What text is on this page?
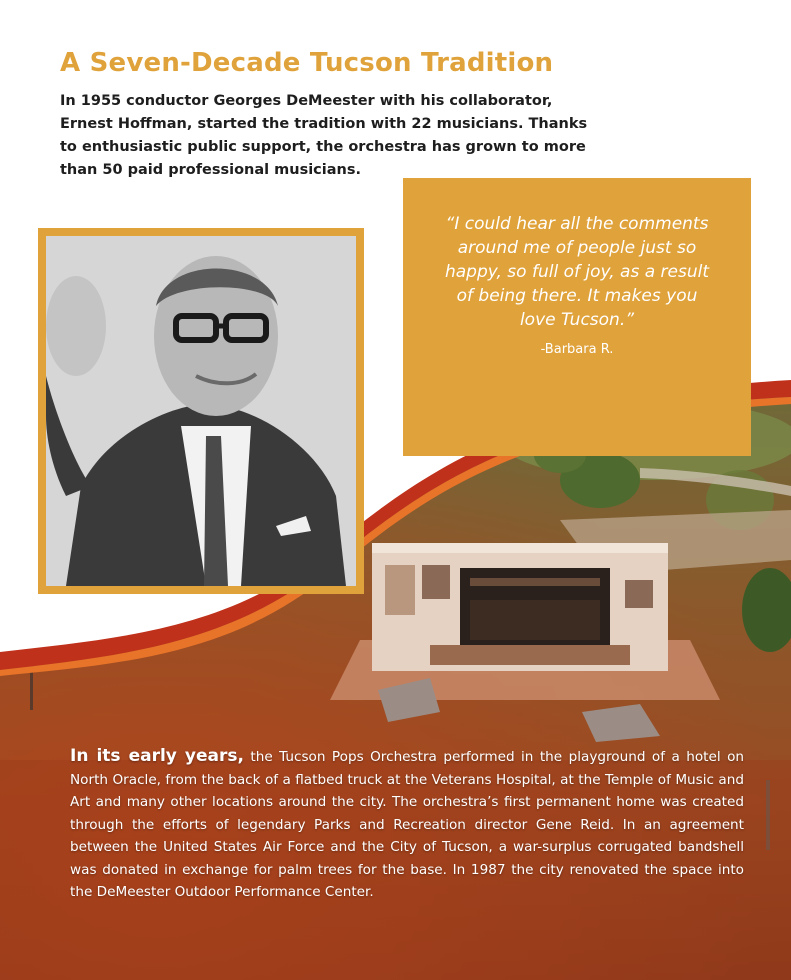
A Seven-Decade Tucson Tradition

In 1955 conductor Georges DeMeester with his collaborator, Ernest Hoffman, started the tradition with 22 musicians. Thanks to enthusiastic public support, the orchestra has grown to more than 50 paid professional musicians.

“I could hear all the comments around me of people just so happy, so full of joy, as a result of being there. It makes you love Tucson.”

-Barbara R.

In its early years, the Tucson Pops Orchestra performed in the playground of a hotel on North Oracle, from the back of a flatbed truck at the Veterans Hospital, at the Temple of Music and Art and many other locations around the city. The orchestra’s first permanent home was created through the efforts of legendary Parks and Recreation director Gene Reid. In an agreement between the United States Air Force and the City of Tucson, a war-surplus corrugated bandshell was donated in exchange for palm trees for the base. In 1987 the city renovated the space into the DeMeester Outdoor Performance Center.
